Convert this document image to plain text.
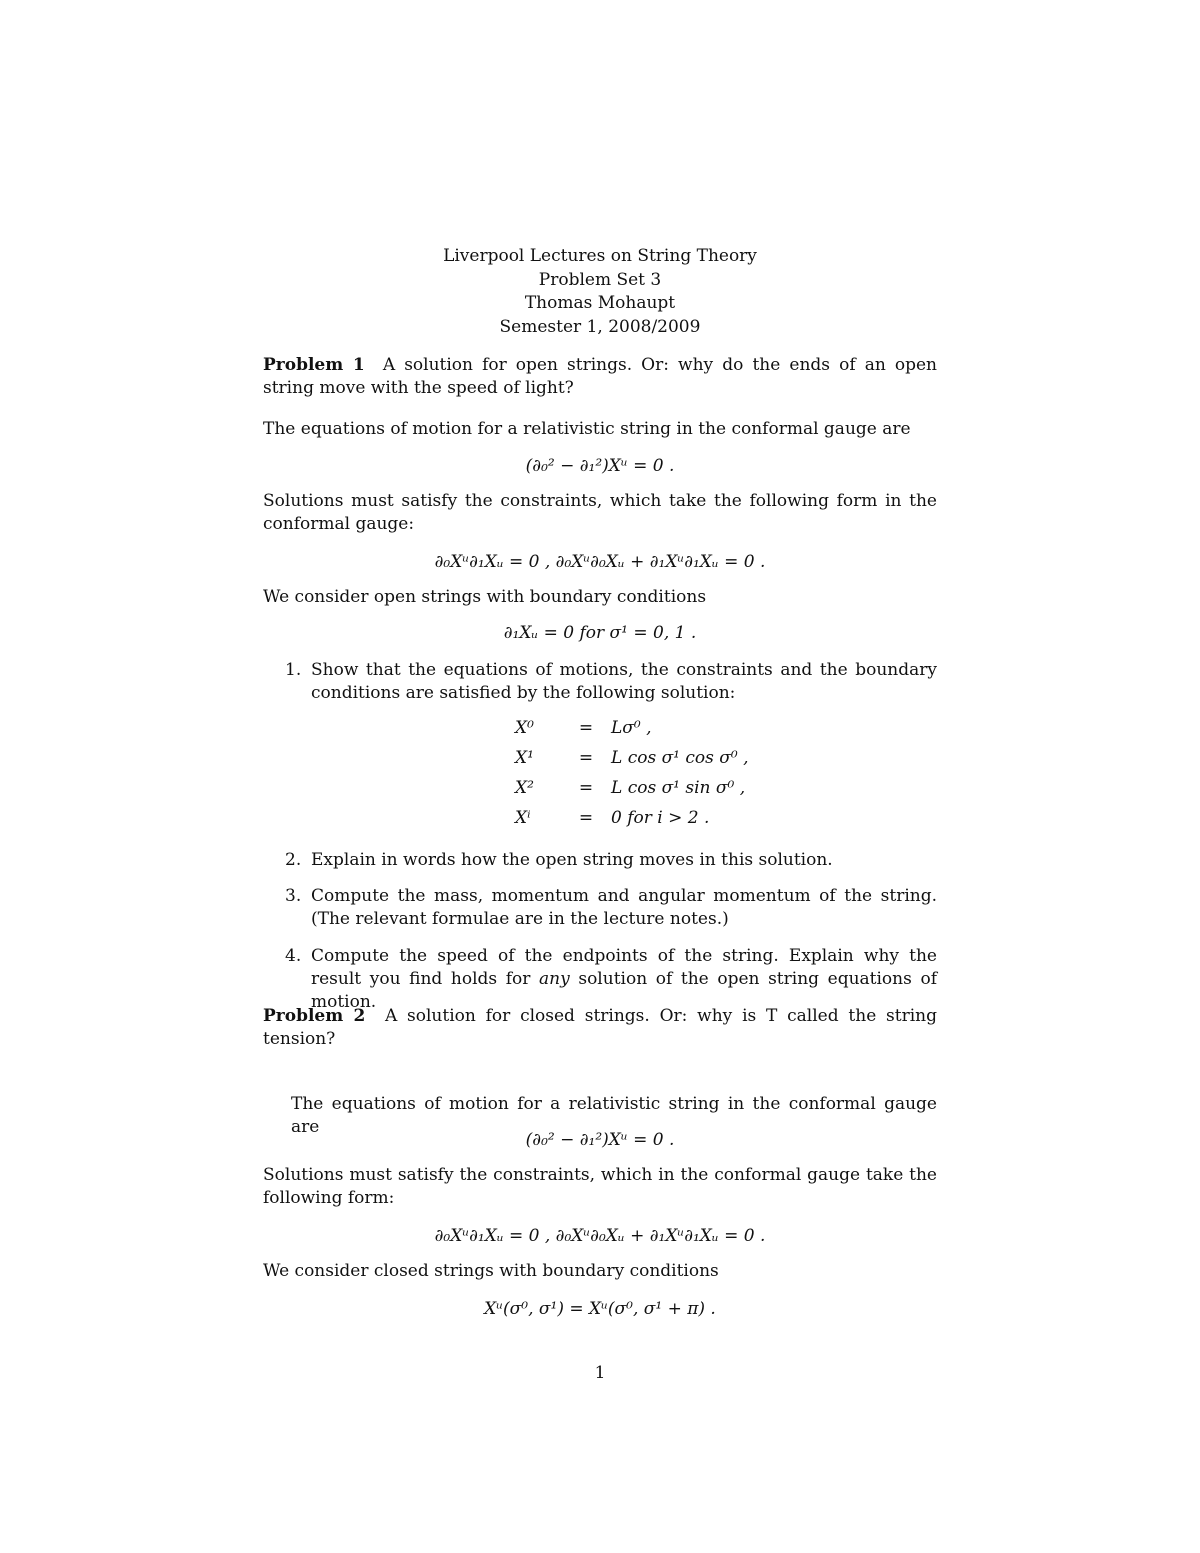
Liverpool Lectures on String Theory
Problem Set 3
Thomas Mohaupt
Semester 1, 2008/2009
Problem 1 A solution for open strings. Or: why do the ends of an open string move with the speed of light?
The equations of motion for a relativistic string in the conformal gauge are
(∂₀² − ∂₁²)Xᵘ = 0 .
Solutions must satisfy the constraints, which take the following form in the conformal gauge:
∂₀Xᵘ∂₁Xᵤ = 0 , ∂₀Xᵘ∂₀Xᵤ + ∂₁Xᵘ∂₁Xᵤ = 0 .
We consider open strings with boundary conditions
∂₁Xᵤ = 0 for σ¹ = 0, 1 .
1. Show that the equations of motions, the constraints and the boundary conditions are satisfied by the following solution:
X⁰	=	Lσ⁰ ,
X¹	=	L cos σ¹ cos σ⁰ ,
X²	=	L cos σ¹ sin σ⁰ ,
Xⁱ	=	0 for i > 2 .
2. Explain in words how the open string moves in this solution.
3. Compute the mass, momentum and angular momentum of the string. (The relevant formulae are in the lecture notes.)
4. Compute the speed of the endpoints of the string. Explain why the result you find holds for any solution of the open string equations of motion.
Problem 2 A solution for closed strings. Or: why is T called the string tension?
The equations of motion for a relativistic string in the conformal gauge are
(∂₀² − ∂₁²)Xᵘ = 0 .
Solutions must satisfy the constraints, which in the conformal gauge take the following form:
∂₀Xᵘ∂₁Xᵤ = 0 , ∂₀Xᵘ∂₀Xᵤ + ∂₁Xᵘ∂₁Xᵤ = 0 .
We consider closed strings with boundary conditions
Xᵘ(σ⁰, σ¹) = Xᵘ(σ⁰, σ¹ + π) .
1
